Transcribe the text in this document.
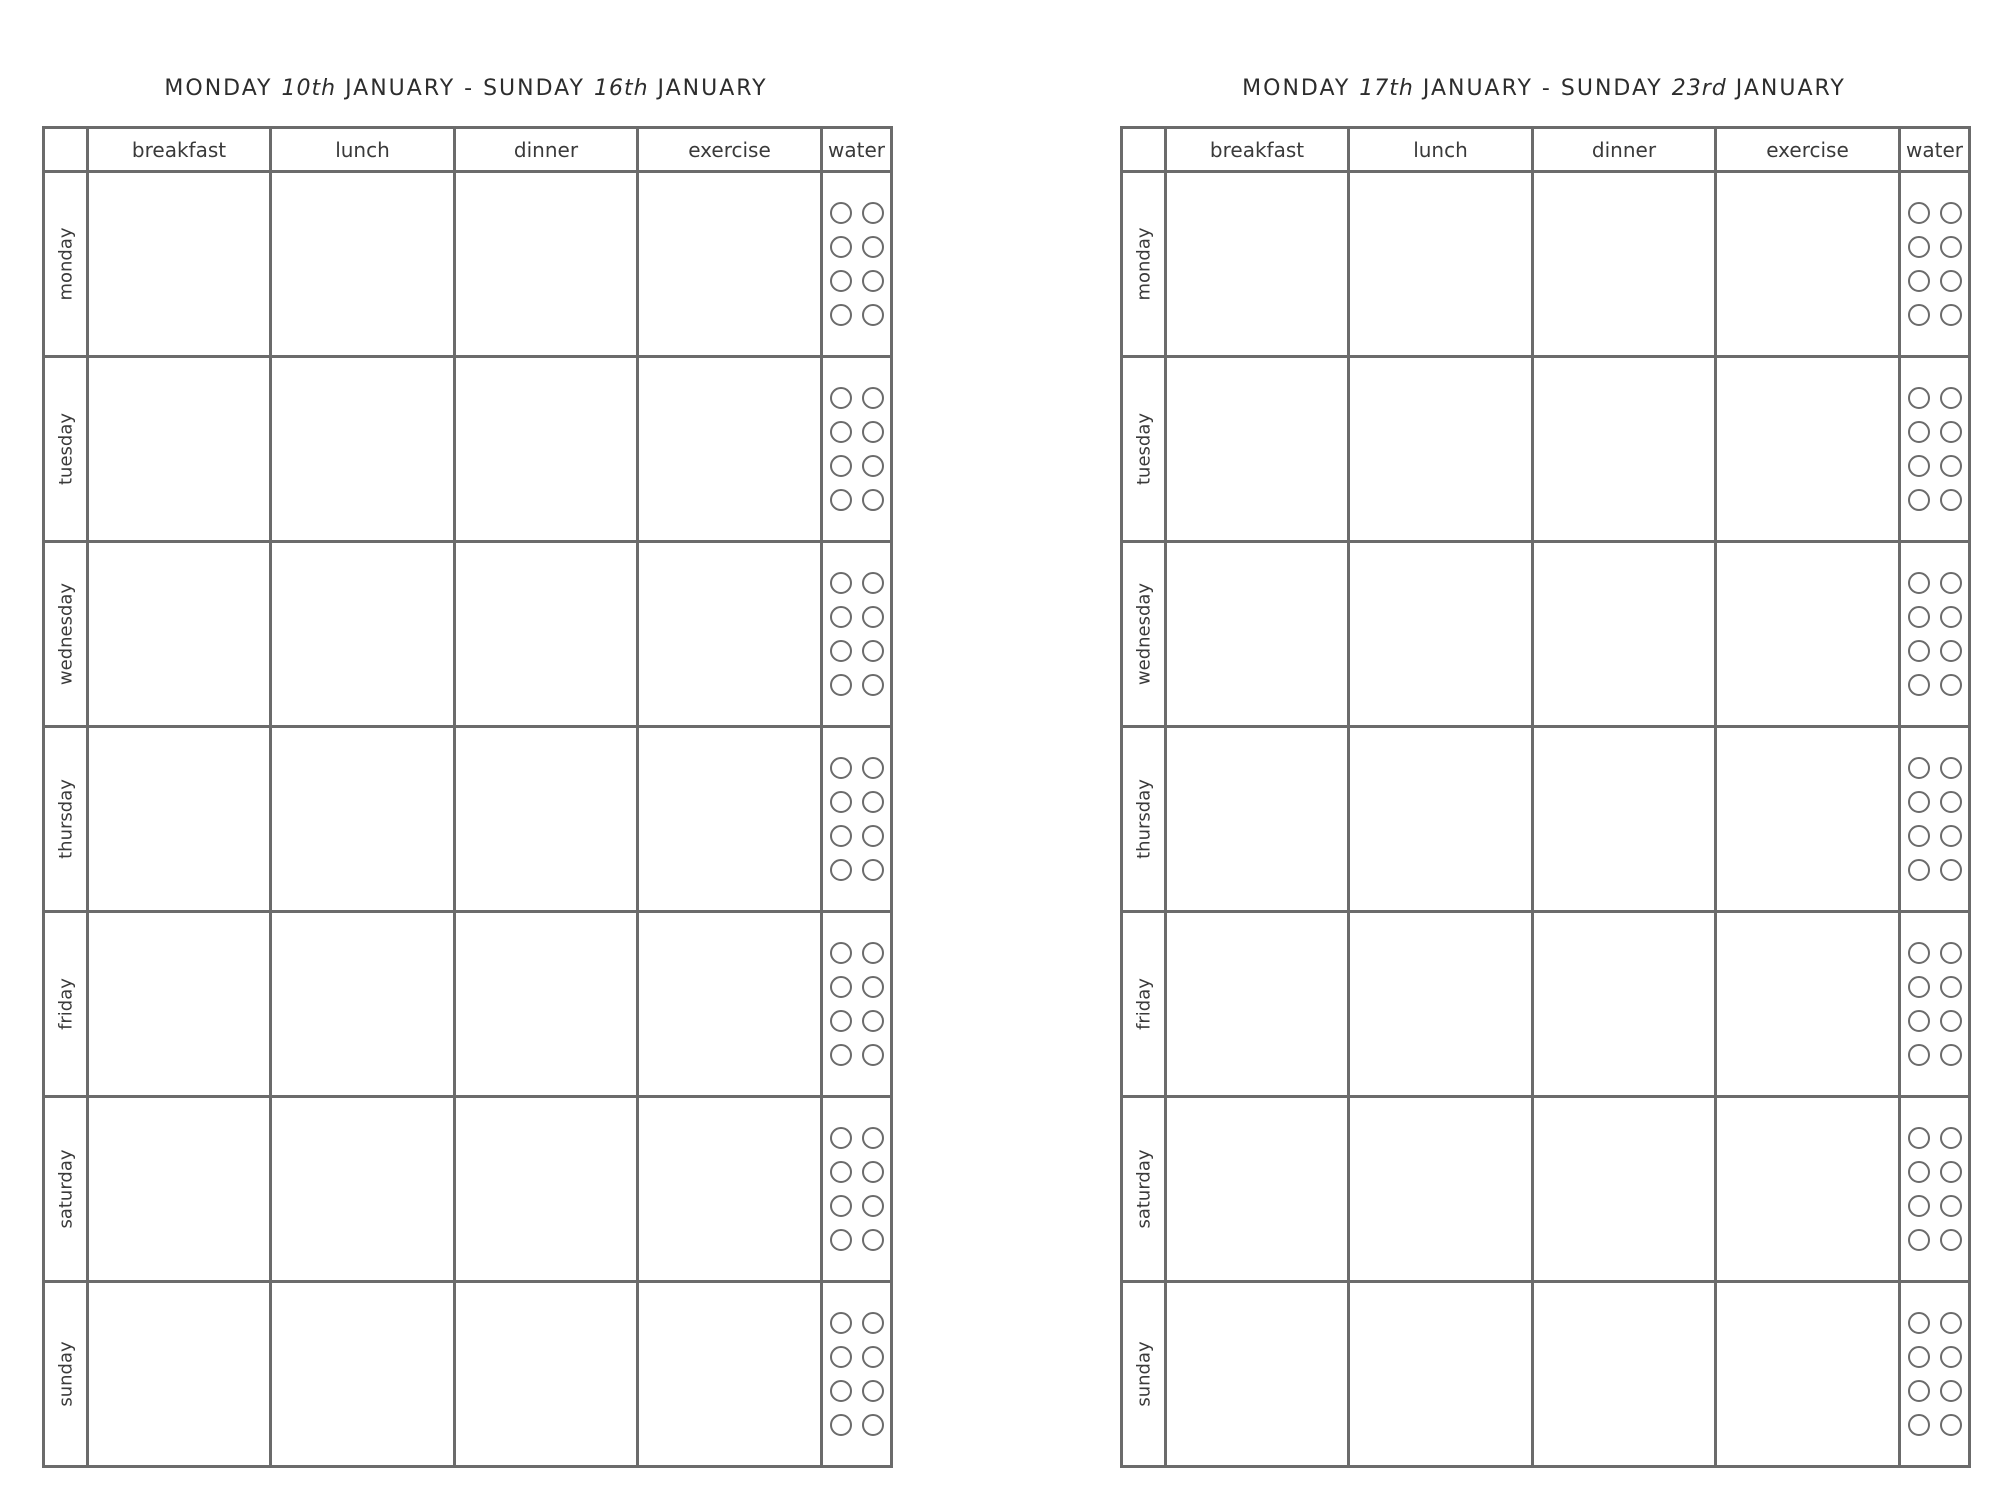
MONDAY 10th JANUARY - SUNDAY 16th JANUARY
	breakfast	lunch	dinner	exercise	water

monday					

tuesday					

wednesday					

thursday					

friday					

saturday					

sunday					

MONDAY 17th JANUARY - SUNDAY 23rd JANUARY
	breakfast	lunch	dinner	exercise	water

monday					

tuesday					

wednesday					

thursday					

friday					

saturday					

sunday					
